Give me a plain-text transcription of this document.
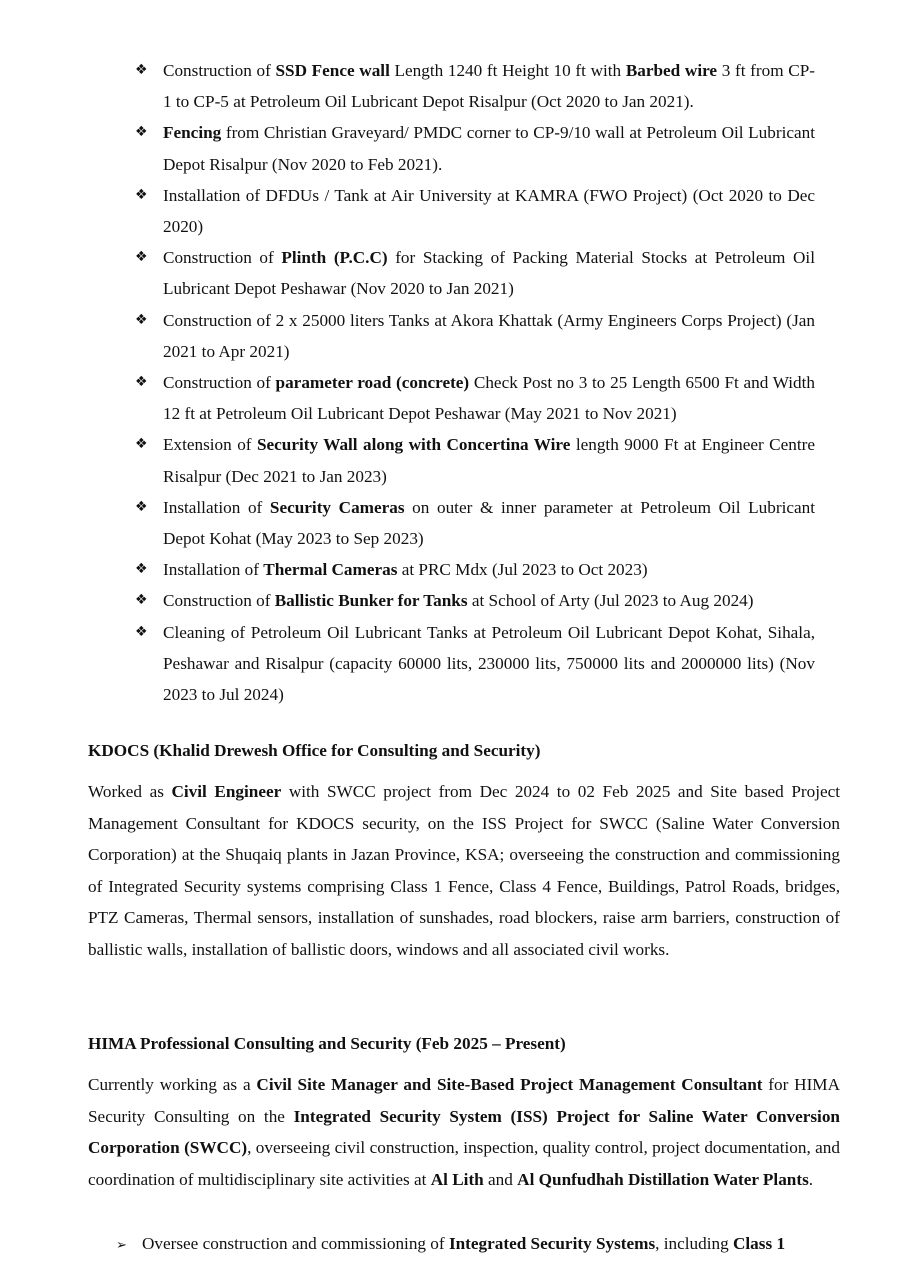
❖ Construction of SSD Fence wall Length 1240 ft Height 10 ft with Barbed wire 3 ft from CP-1 to CP-5 at Petroleum Oil Lubricant Depot Risalpur (Oct 2020 to Jan 2021).
❖ Fencing from Christian Graveyard/ PMDC corner to CP-9/10 wall at Petroleum Oil Lubricant Depot Risalpur (Nov 2020 to Feb 2021).
❖ Installation of DFDUs / Tank at Air University at KAMRA (FWO Project) (Oct 2020 to Dec 2020)
❖ Construction of Plinth (P.C.C) for Stacking of Packing Material Stocks at Petroleum Oil Lubricant Depot Peshawar (Nov 2020 to Jan 2021)
❖ Construction of 2 x 25000 liters Tanks at Akora Khattak (Army Engineers Corps Project) (Jan 2021 to Apr 2021)
❖ Construction of parameter road (concrete) Check Post no 3 to 25 Length 6500 Ft and Width 12 ft at Petroleum Oil Lubricant Depot Peshawar (May 2021 to Nov 2021)
❖ Extension of Security Wall along with Concertina Wire length 9000 Ft at Engineer Centre Risalpur (Dec 2021 to Jan 2023)
❖ Installation of Security Cameras on outer & inner parameter at Petroleum Oil Lubricant Depot Kohat (May 2023 to Sep 2023)
❖ Installation of Thermal Cameras at PRC Mdx (Jul 2023 to Oct 2023)
❖ Construction of Ballistic Bunker for Tanks at School of Arty (Jul 2023 to Aug 2024)
❖ Cleaning of Petroleum Oil Lubricant Tanks at Petroleum Oil Lubricant Depot Kohat, Sihala, Peshawar and Risalpur (capacity 60000 lits, 230000 lits, 750000 lits and 2000000 lits) (Nov 2023 to Jul 2024)
KDOCS (Khalid Drewesh Office for Consulting and Security)
Worked as Civil Engineer with SWCC project from Dec 2024 to 02 Feb 2025 and Site based Project Management Consultant for KDOCS security, on the ISS Project for SWCC (Saline Water Conversion Corporation) at the Shuqaiq plants in Jazan Province, KSA; overseeing the construction and commissioning of Integrated Security systems comprising Class 1 Fence, Class 4 Fence, Buildings, Patrol Roads, bridges, PTZ Cameras, Thermal sensors, installation of sunshades, road blockers, raise arm barriers, construction of ballistic walls, installation of ballistic doors, windows and all associated civil works.
HIMA Professional Consulting and Security (Feb 2025 – Present)
Currently working as a Civil Site Manager and Site-Based Project Management Consultant for HIMA Security Consulting on the Integrated Security System (ISS) Project for Saline Water Conversion Corporation (SWCC), overseeing civil construction, inspection, quality control, project documentation, and coordination of multidisciplinary site activities at Al Lith and Al Qunfudhah Distillation Water Plants.
➢ Oversee construction and commissioning of Integrated Security Systems, including Class 1
